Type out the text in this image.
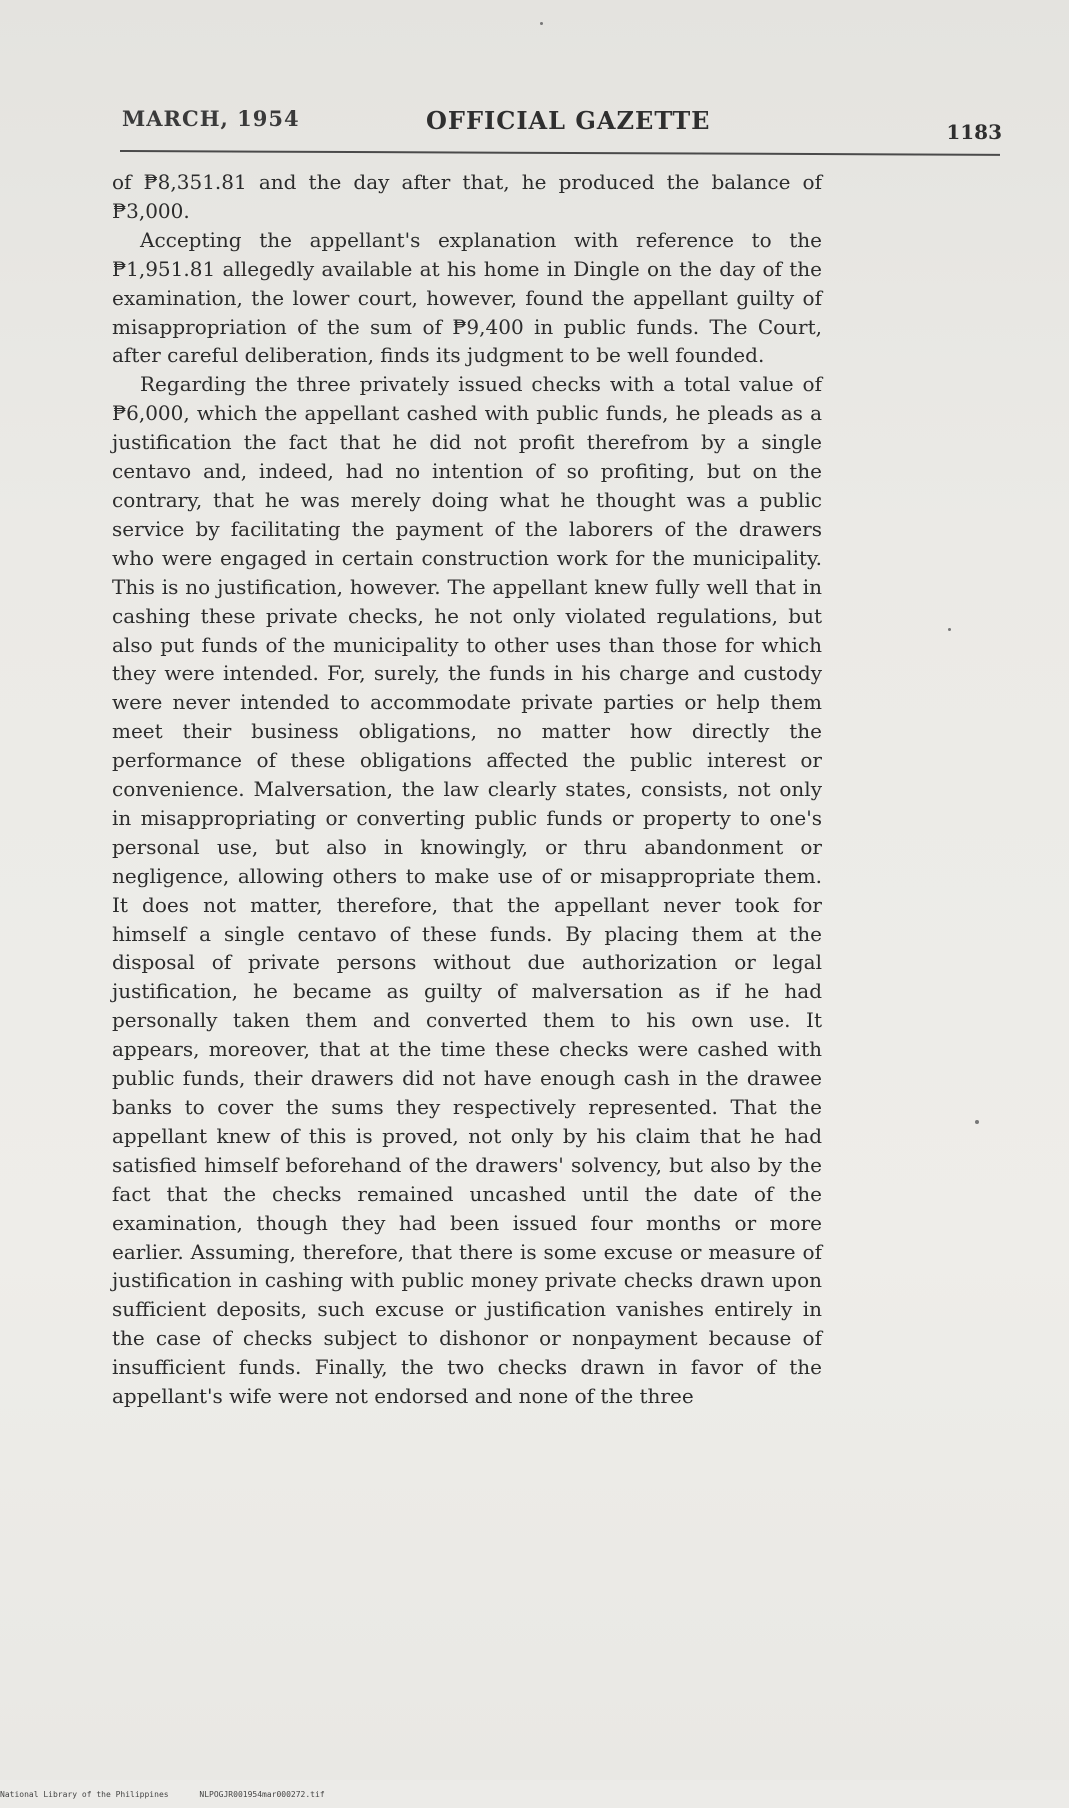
MARCH, 1954	OFFICIAL GAZETTE	1183

of ₱8,351.81 and the day after that, he produced the balance of ₱3,000.

Accepting the appellant's explanation with reference to the ₱1,951.81 allegedly available at his home in Dingle on the day of the examination, the lower court, however, found the appellant guilty of misappropriation of the sum of ₱9,400 in public funds. The Court, after careful deliberation, finds its judgment to be well founded.

Regarding the three privately issued checks with a total value of ₱6,000, which the appellant cashed with public funds, he pleads as a justification the fact that he did not profit therefrom by a single centavo and, indeed, had no intention of so profiting, but on the contrary, that he was merely doing what he thought was a public service by facilitating the payment of the laborers of the drawers who were engaged in certain construction work for the municipality. This is no justification, however. The appellant knew fully well that in cashing these private checks, he not only violated regulations, but also put funds of the municipality to other uses than those for which they were intended. For, surely, the funds in his charge and custody were never intended to accommodate private parties or help them meet their business obligations, no matter how directly the performance of these obligations affected the public interest or convenience. Malversation, the law clearly states, consists, not only in misappropriating or converting public funds or property to one's personal use, but also in knowingly, or thru abandonment or negligence, allowing others to make use of or misappropriate them. It does not matter, therefore, that the appellant never took for himself a single centavo of these funds. By placing them at the disposal of private persons without due authorization or legal justification, he became as guilty of malversation as if he had personally taken them and converted them to his own use. It appears, moreover, that at the time these checks were cashed with public funds, their drawers did not have enough cash in the drawee banks to cover the sums they respectively represented. That the appellant knew of this is proved, not only by his claim that he had satisfied himself beforehand of the drawers' solvency, but also by the fact that the checks remained uncashed until the date of the examination, though they had been issued four months or more earlier. Assuming, therefore, that there is some excuse or measure of justification in cashing with public money private checks drawn upon sufficient deposits, such excuse or justification vanishes entirely in the case of checks subject to dishonor or nonpayment because of insufficient funds. Finally, the two checks drawn in favor of the appellant's wife were not endorsed and none of the three

National Library of the Philippines	NLPOGJR001954mar000272.tif
